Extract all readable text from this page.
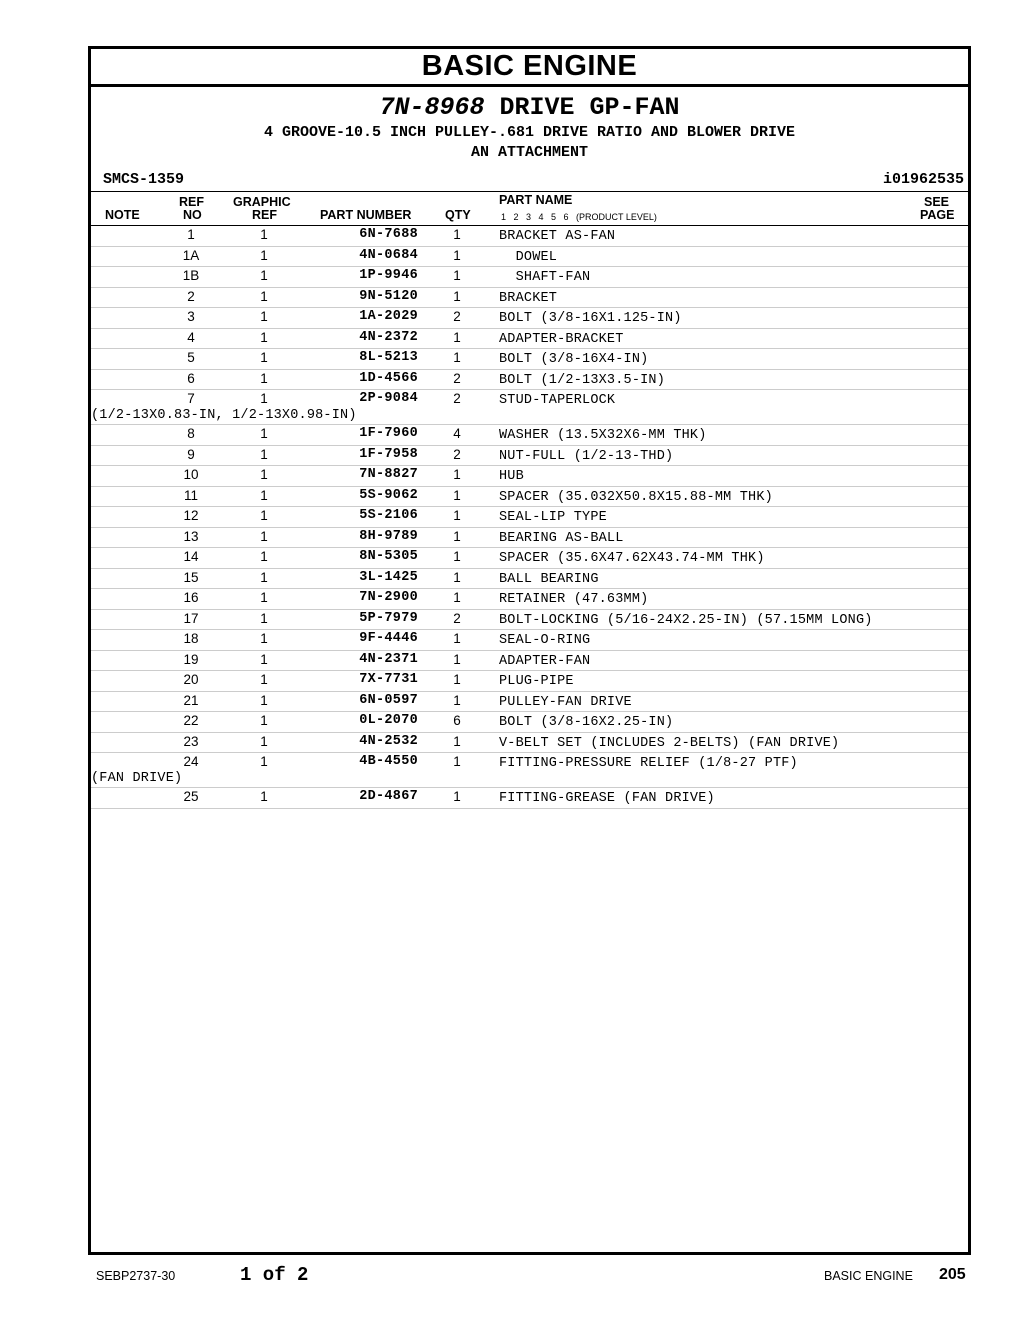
BASIC ENGINE
7N-8968 DRIVE GP-FAN
4 GROOVE-10.5 INCH PULLEY-.681 DRIVE RATIO AND BLOWER DRIVE
AN ATTACHMENT
SMCS-1359	i01962535
NOTE
REF
NO
GRAPHIC
REF	PART NUMBER	QTY
PART NAME
1   2   3   4   5   6   (PRODUCT LEVEL)
SEE
PAGE
1	1	6N-7688	1	BRACKET AS-FAN
1A	1	4N-0684	1	DOWEL
1B	1	1P-9946	1	SHAFT-FAN
2	1	9N-5120	1	BRACKET
3	1	1A-2029	2	BOLT (3/8-16X1.125-IN)
4	1	4N-2372	1	ADAPTER-BRACKET
5	1	8L-5213	1	BOLT (3/8-16X4-IN)
6	1	1D-4566	2	BOLT (1/2-13X3.5-IN)
7	1	2P-9084	2	STUD-TAPERLOCK
(1/2-13X0.83-IN, 1/2-13X0.98-IN)
8	1	1F-7960	4	WASHER (13.5X32X6-MM THK)
9	1	1F-7958	2	NUT-FULL (1/2-13-THD)
10	1	7N-8827	1	HUB
11	1	5S-9062	1	SPACER (35.032X50.8X15.88-MM THK)
12	1	5S-2106	1	SEAL-LIP TYPE
13	1	8H-9789	1	BEARING AS-BALL
14	1	8N-5305	1	SPACER (35.6X47.62X43.74-MM THK)
15	1	3L-1425	1	BALL BEARING
16	1	7N-2900	1	RETAINER (47.63MM)
17	1	5P-7979	2	BOLT-LOCKING (5/16-24X2.25-IN) (57.15MM LONG)
18	1	9F-4446	1	SEAL-O-RING
19	1	4N-2371	1	ADAPTER-FAN
20	1	7X-7731	1	PLUG-PIPE
21	1	6N-0597	1	PULLEY-FAN DRIVE
22	1	0L-2070	6	BOLT (3/8-16X2.25-IN)
23	1	4N-2532	1	V-BELT SET (INCLUDES 2-BELTS) (FAN DRIVE)
24	1	4B-4550	1	FITTING-PRESSURE RELIEF (1/8-27 PTF)
(FAN DRIVE)
25	1	2D-4867	1	FITTING-GREASE (FAN DRIVE)
SEBP2737-30	1 of 2	BASIC ENGINE 205
